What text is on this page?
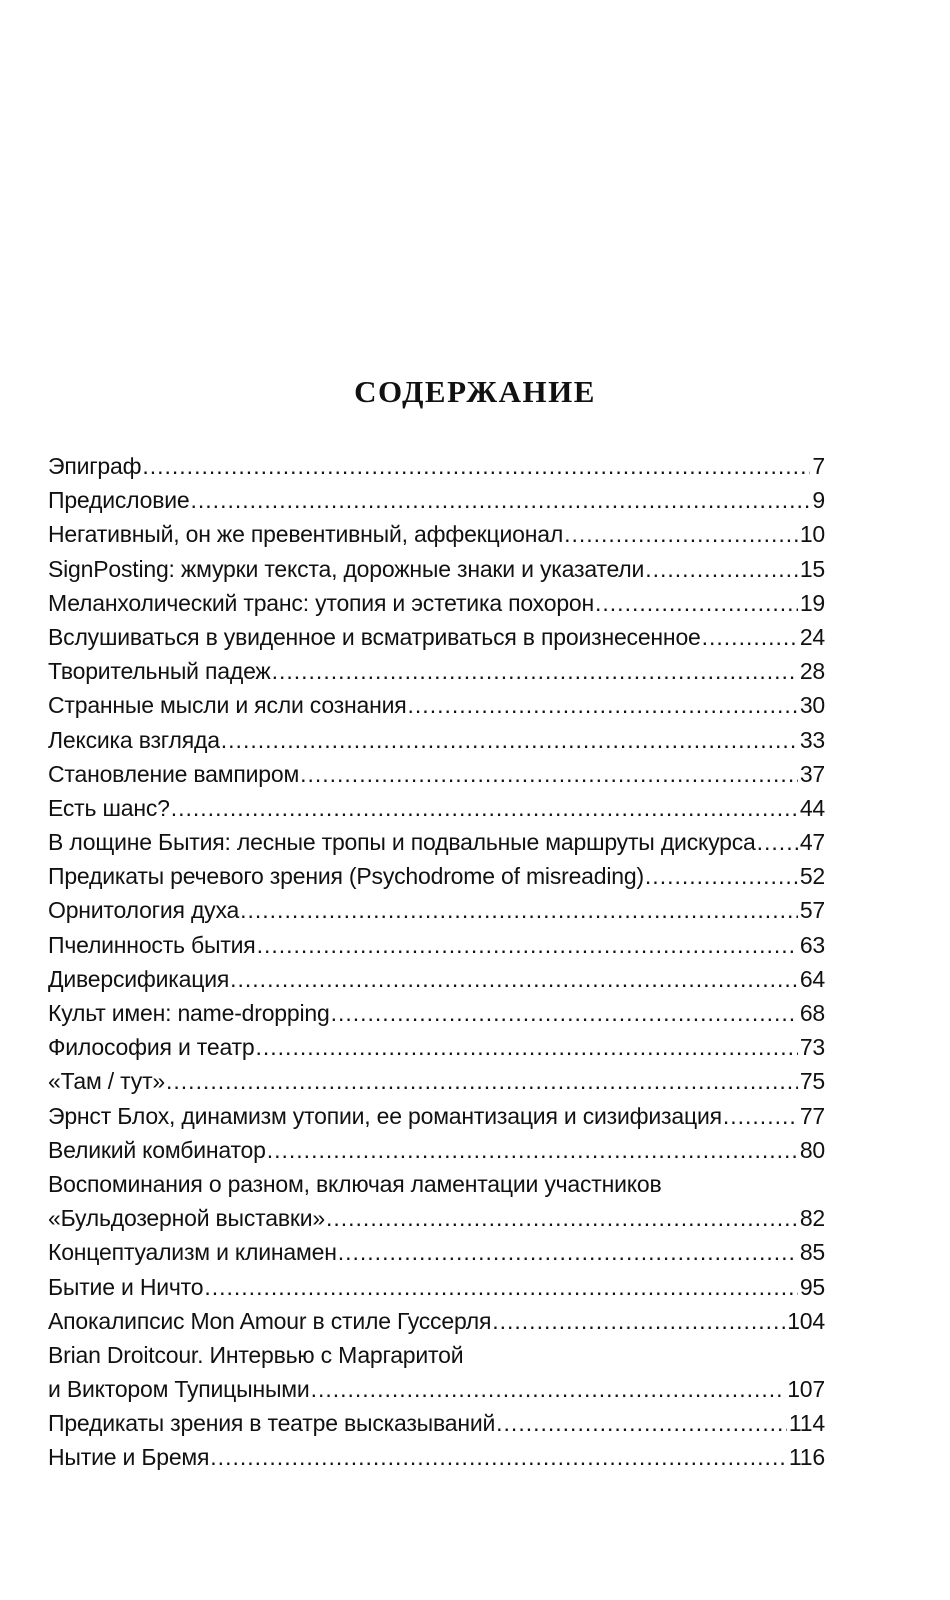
СОДЕРЖАНИЕ
Эпиграф .....	7
Предисловие .....	9
Негативный, он же превентивный, аффекционал .....	10
SignPosting: жмурки текста, дорожные знаки и указатели .....	15
Меланхолический транс: утопия и эстетика похорон .....	19
Вслушиваться в увиденное и всматриваться в произнесенное .....	24
Творительный падеж .....	28
Странные мысли и ясли сознания .....	30
Лексика взгляда .....	33
Становление вампиром .....	37
Есть шанс? .....	44
В лощине Бытия: лесные тропы и подвальные маршруты дискурса ..... 47
Предикаты речевого зрения (Psychodrome of misreading) .....	52
Орнитология духа .....	57
Пчелинность бытия .....	63
Диверсификация .....	64
Культ имен: name-dropping .....	68
Философия и театр .....	73
«Там / тут» .....	75
Эрнст Блох, динамизм утопии, ее романтизация и сизифизация .....	77
Великий комбинатор .....	80
Воспоминания о разном, включая ламентации участников
«Бульдозерной выставки» .....	82
Концептуализм и клинамен .....	85
Бытие и Ничто .....	95
Апокалипсис Mon Amour в стиле Гуссерля .....	104
Brian Droitcour. Интервью с Маргаритой
и Виктором Тупицыными .....	107
Предикаты зрения в театре высказываний .....	114
Нытие и Бремя .....	116
